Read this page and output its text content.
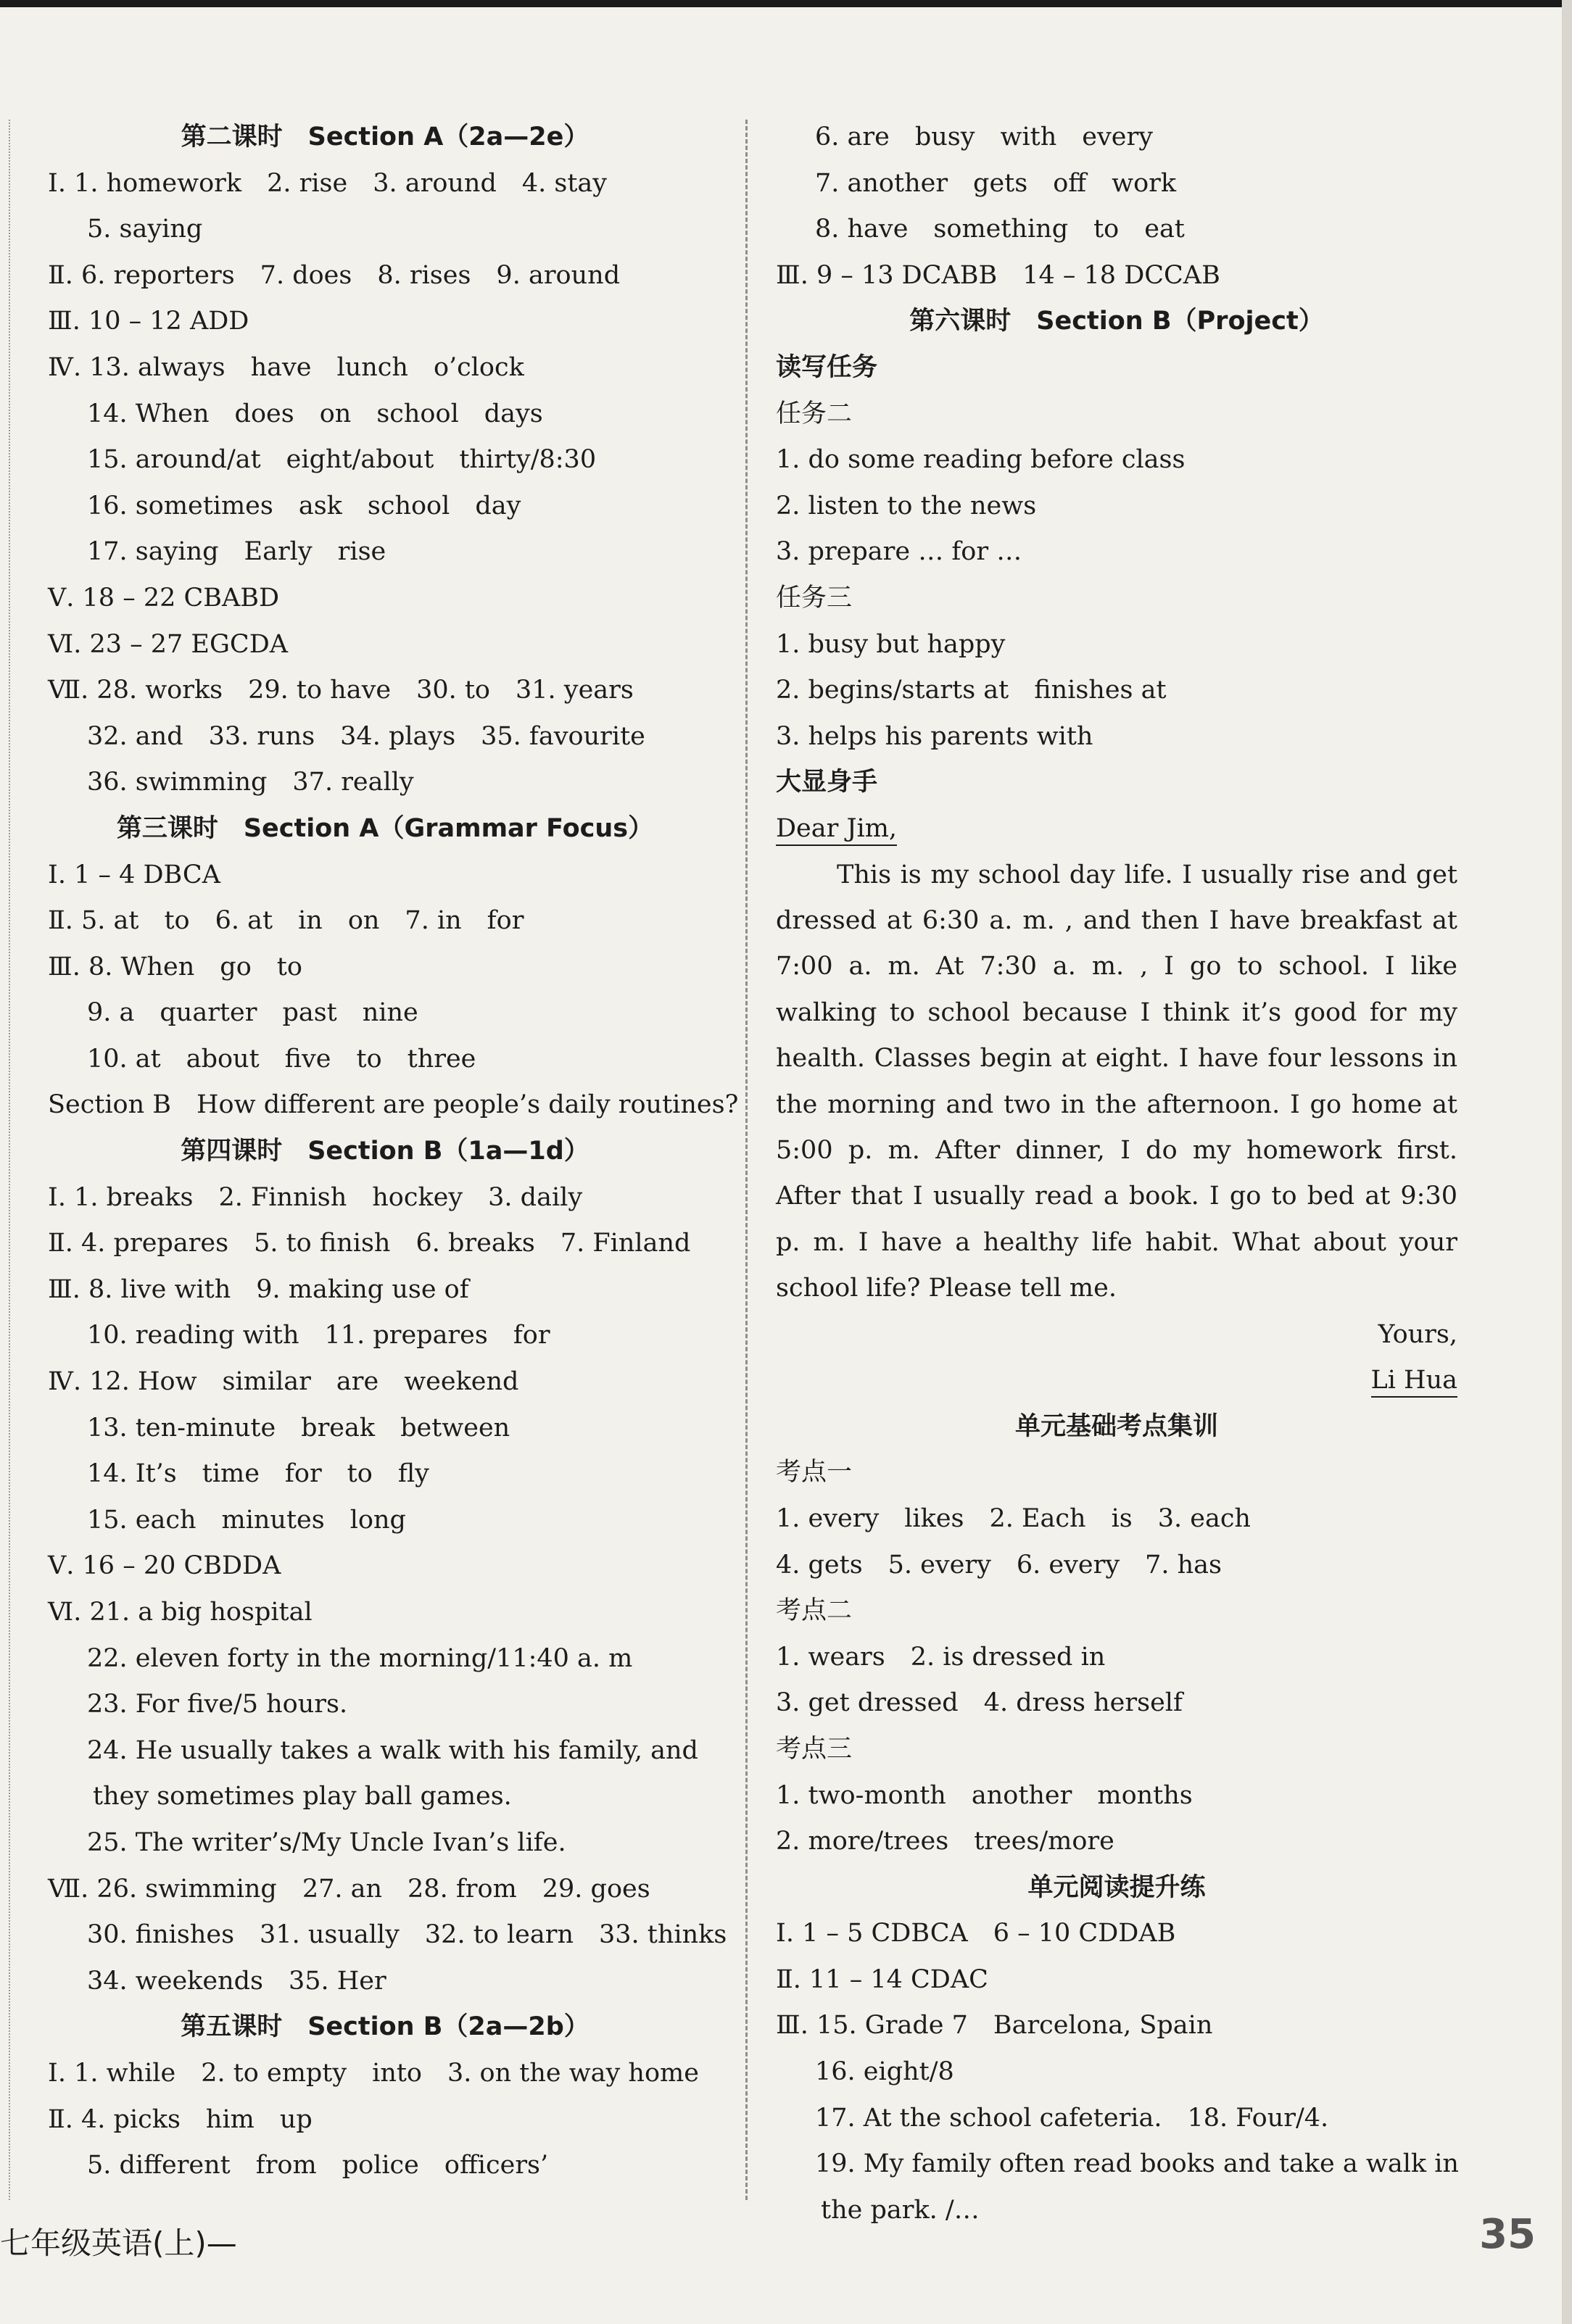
第二课时　Section A（2a—2e）
Ⅰ. 1. homework　2. rise　3. around　4. stay
5. saying
Ⅱ. 6. reporters　7. does　8. rises　9. around
Ⅲ. 10 – 12 ADD
Ⅳ. 13. always　have　lunch　o’clock
14. When　does　on　school　days
15. around/at　eight/about　thirty/8:30
16. sometimes　ask　school　day
17. saying　Early　rise
Ⅴ. 18 – 22 CBABD
Ⅵ. 23 – 27 EGCDA
Ⅶ. 28. works　29. to have　30. to　31. years
32. and　33. runs　34. plays　35. favourite
36. swimming　37. really
第三课时　Section A（Grammar Focus）
Ⅰ. 1 – 4 DBCA
Ⅱ. 5. at　to　6. at　in　on　7. in　for
Ⅲ. 8. When　go　to
9. a　quarter　past　nine
10. at　about　five　to　three
Section B　How different are people’s daily routines?
第四课时　Section B（1a—1d）
Ⅰ. 1. breaks　2. Finnish　hockey　3. daily
Ⅱ. 4. prepares　5. to finish　6. breaks　7. Finland
Ⅲ. 8. live with　9. making use of
10. reading with　11. prepares　for
Ⅳ. 12. How　similar　are　weekend
13. ten-minute　break　between
14. It’s　time　for　to　fly
15. each　minutes　long
Ⅴ. 16 – 20 CBDDA
Ⅵ. 21. a big hospital
22. eleven forty in the morning/11:40 a. m
23. For five/5 hours.
24. He usually takes a walk with his family, and
they sometimes play ball games.
25. The writer’s/My Uncle Ivan’s life.
Ⅶ. 26. swimming　27. an　28. from　29. goes
30. finishes　31. usually　32. to learn　33. thinks
34. weekends　35. Her
第五课时　Section B（2a—2b）
Ⅰ. 1. while　2. to empty　into　3. on the way home
Ⅱ. 4. picks　him　up
5. different　from　police　officers’
6. are　busy　with　every
7. another　gets　off　work
8. have　something　to　eat
Ⅲ. 9 – 13 DCABB　14 – 18 DCCAB
第六课时　Section B（Project）
读写任务
任务二
1. do some reading before class
2. listen to the news
3. prepare … for …
任务三
1. busy but happy
2. begins/starts at　finishes at
3. helps his parents with
大显身手
Dear Jim,

This is my school day life. I usually rise and get dressed at 6:30 a. m. , and then I have breakfast at 7:00 a. m. At 7:30 a. m. , I go to school. I like walking to school because I think it’s good for my health. Classes begin at eight. I have four lessons in the morning and two in the afternoon. I go home at 5:00 p. m. After dinner, I do my homework first. After that I usually read a book. I go to bed at 9:30 p. m. I have a healthy life habit. What about your school life? Please tell me.

Yours,
Li Hua
单元基础考点集训
考点一
1. every　likes　2. Each　is　3. each
4. gets　5. every　6. every　7. has
考点二
1. wears　2. is dressed in
3. get dressed　4. dress herself
考点三
1. two-month　another　months
2. more/trees　trees/more
单元阅读提升练
Ⅰ. 1 – 5 CDBCA　6 – 10 CDDAB
Ⅱ. 11 – 14 CDAC
Ⅲ. 15. Grade 7　Barcelona, Spain
16. eight/8
17. At the school cafeteria.　18. Four/4.
19. My family often read books and take a walk in
the park. /…
七年级英语(上)—	35
